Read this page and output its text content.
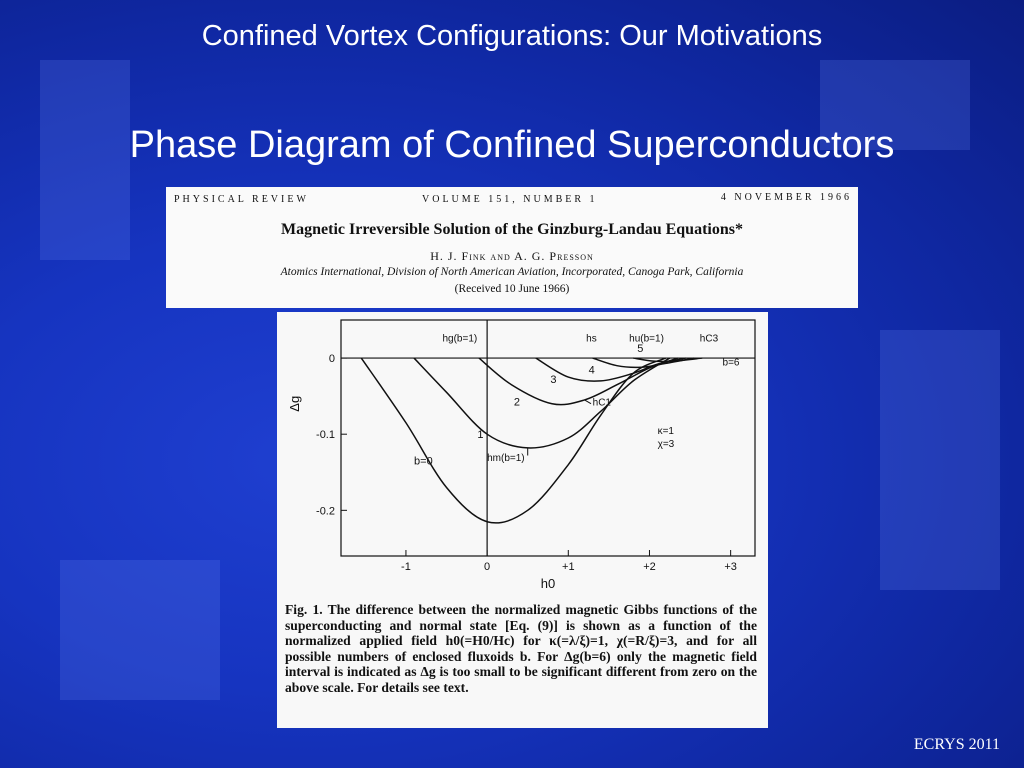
Confined Vortex Configurations: Our Motivations
Phase Diagram of Confined Superconductors
PHYSICAL REVIEW	VOLUME 151, NUMBER 1	4 NOVEMBER 1966
Magnetic Irreversible Solution of the Ginzburg-Landau Equations*
H. J. Fink and A. G. Presson
Atomics International, Division of North American Aviation, Incorporated, Canoga Park, California
(Received 10 June 1966)
-1	0	+1	+2	+3
0
-0.1
-0.2
b=0
1
2
3
4
5
h0
Δg
hg(b=1)	hs	hu(b=1)	hC3
b=6
hC1
hm(b=1)
κ=1
χ=3
Fig. 1. The difference between the normalized magnetic Gibbs functions of the superconducting and normal state [Eq. (9)] is shown as a function of the normalized applied field h0(=H0/Hc) for κ(=λ/ξ)=1, χ(=R/ξ)=3, and for all possible numbers of enclosed fluxoids b. For Δg(b=6) only the magnetic field interval is indicated as Δg is too small to be significant different from zero on the above scale. For details see text.
ECRYS 2011
